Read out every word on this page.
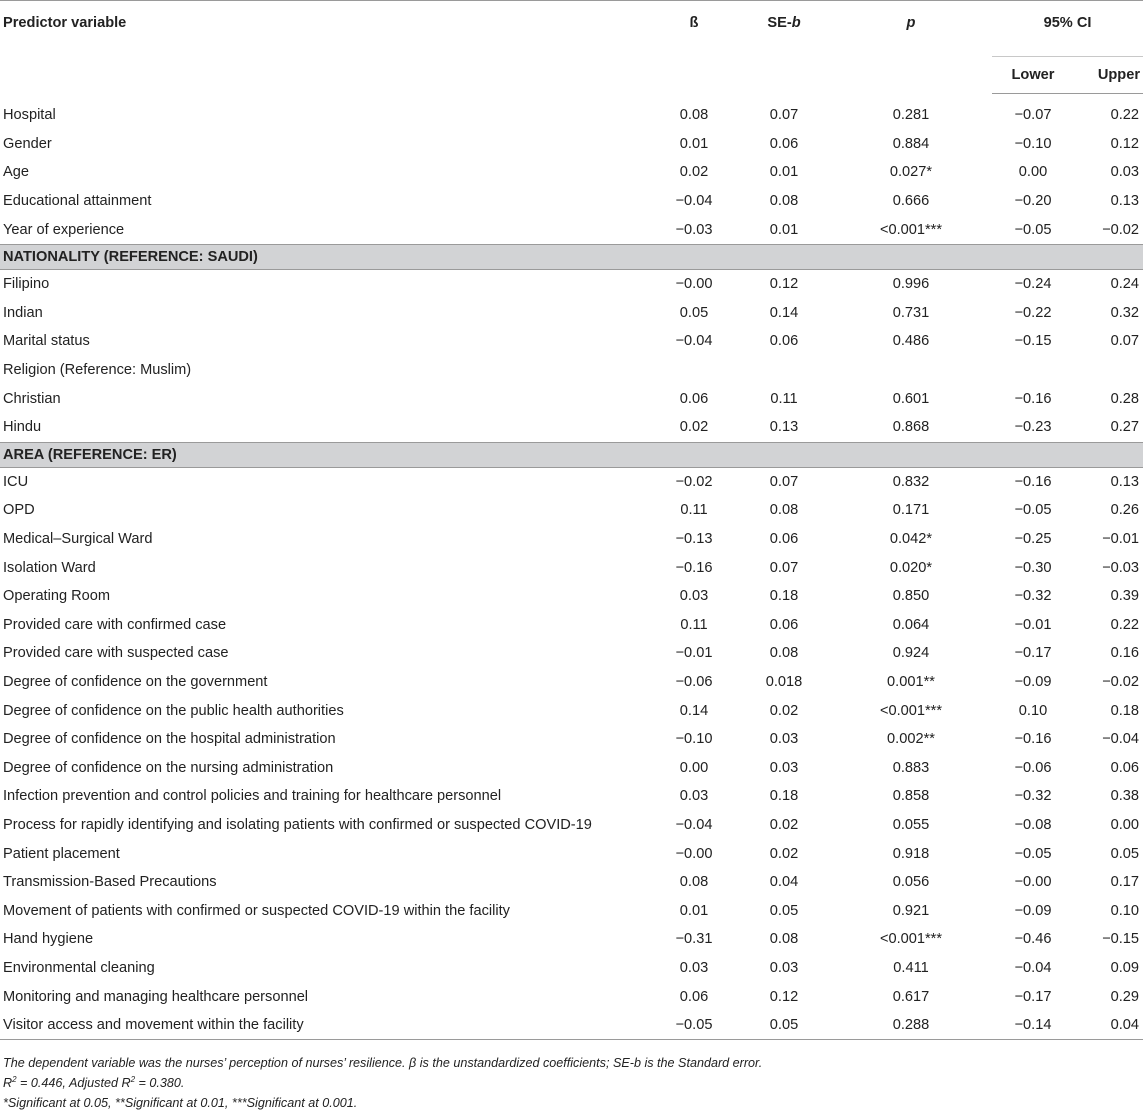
Predictor variable	ß	SE-b	p	95% CI	
				Lower	Upper

Hospital	0.08	0.07	0.281	−0.07	0.22
Gender	0.01	0.06	0.884	−0.10	0.12
Age	0.02	0.01	0.027*	0.00	0.03
Educational attainment	−0.04	0.08	0.666	−0.20	0.13
Year of experience	−0.03	0.01	<0.001***	−0.05	−0.02
NATIONALITY (REFERENCE: SAUDI)					
Filipino	−0.00	0.12	0.996	−0.24	0.24
Indian	0.05	0.14	0.731	−0.22	0.32
Marital status	−0.04	0.06	0.486	−0.15	0.07
Religion (Reference: Muslim)					
Christian	0.06	0.11	0.601	−0.16	0.28
Hindu	0.02	0.13	0.868	−0.23	0.27
AREA (REFERENCE: ER)					
ICU	−0.02	0.07	0.832	−0.16	0.13
OPD	0.11	0.08	0.171	−0.05	0.26
Medical–Surgical Ward	−0.13	0.06	0.042*	−0.25	−0.01
Isolation Ward	−0.16	0.07	0.020*	−0.30	−0.03
Operating Room	0.03	0.18	0.850	−0.32	0.39
Provided care with confirmed case	0.11	0.06	0.064	−0.01	0.22
Provided care with suspected case	−0.01	0.08	0.924	−0.17	0.16
Degree of confidence on the government	−0.06	0.018	0.001**	−0.09	−0.02
Degree of confidence on the public health authorities	0.14	0.02	<0.001***	0.10	0.18
Degree of confidence on the hospital administration	−0.10	0.03	0.002**	−0.16	−0.04
Degree of confidence on the nursing administration	0.00	0.03	0.883	−0.06	0.06
Infection prevention and control policies and training for healthcare personnel	0.03	0.18	0.858	−0.32	0.38
Process for rapidly identifying and isolating patients with confirmed or suspected COVID-19	−0.04	0.02	0.055	−0.08	0.00
Patient placement	−0.00	0.02	0.918	−0.05	0.05
Transmission-Based Precautions	0.08	0.04	0.056	−0.00	0.17
Movement of patients with confirmed or suspected COVID-19 within the facility	0.01	0.05	0.921	−0.09	0.10
Hand hygiene	−0.31	0.08	<0.001***	−0.46	−0.15
Environmental cleaning	0.03	0.03	0.411	−0.04	0.09
Monitoring and managing healthcare personnel	0.06	0.12	0.617	−0.17	0.29
Visitor access and movement within the facility	−0.05	0.05	0.288	−0.14	0.04
The dependent variable was the nurses’ perception of nurses’ resilience. β is the unstandardized coefficients; SE-b is the Standard error.
$R^2 = 0.446$, Adjusted $R^2 = 0.380$.
*Significant at 0.05, **Significant at 0.01, ***Significant at 0.001.
